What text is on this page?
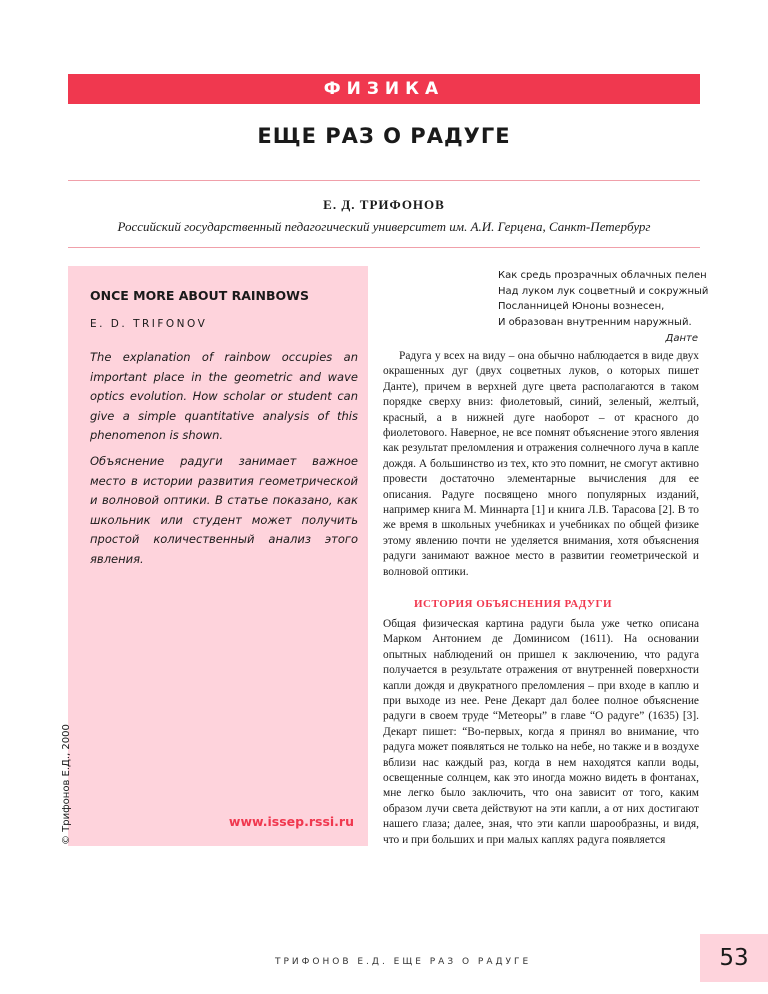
ФИЗИКА
ЕЩЕ РАЗ О РАДУГЕ
Е. Д. ТРИФОНОВ
Российский государственный педагогический университет им. А.И. Герцена, Санкт-Петербург
ONCE MORE ABOUT RAINBOWS
E. D. TRIFONOV

The explanation of rainbow occupies an important place in the geometric and wave optics evolution. How scholar or student can give a simple quantitative analysis of this phenomenon is shown.

Объяснение радуги занимает важное место в истории развития геометрической и волновой оптики. В статье показано, как школьник или студент может получить простой количественный анализ этого явления.

www.issep.rssi.ru
© Трифонов Е.Д., 2000
Как средь прозрачных облачных пелен
Над луком лук соцветный и сокружный
Посланницей Юноны вознесен,
И образован внутренним наружный.
Данте

Радуга у всех на виду – она обычно наблюдается в виде двух окрашенных дуг (двух соцветных луков, о которых пишет Данте), причем в верхней дуге цвета располагаются в таком порядке сверху вниз: фиолетовый, синий, зеленый, желтый, красный, а в нижней дуге наоборот – от красного до фиолетового. Наверное, не все помнят объяснение этого явления как результат преломления и отражения солнечного луча в капле дождя. А большинство из тех, кто это помнит, не смогут активно провести достаточно элементарные вычисления для ее описания. Радуге посвящено много популярных изданий, например книга М. Миннарта [1] и книга Л.В. Тарасова [2]. В то же время в школьных учебниках и учебниках по общей физике этому явлению почти не уделяется внимания, хотя объяснения радуги занимают важное место в развитии геометрической и волновой оптики.

ИСТОРИЯ ОБЪЯСНЕНИЯ РАДУГИ

Общая физическая картина радуги была уже четко описана Марком Антонием де Доминисом (1611). На основании опытных наблюдений он пришел к заключению, что радуга получается в результате отражения от внутренней поверхности капли дождя и двукратного преломления – при входе в каплю и при выходе из нее. Рене Декарт дал более полное объяснение радуги в своем труде “Метеоры” в главе “О радуге” (1635) [3]. Декарт пишет: “Во-первых, когда я принял во внимание, что радуга может появляться не только на небе, но также и в воздухе вблизи нас каждый раз, когда в нем находятся капли воды, освещенные солнцем, как это иногда можно видеть в фонтанах, мне легко было заключить, что она зависит от того, каким образом лучи света действуют на эти капли, а от них достигают нашего глаза; далее, зная, что эти капли шарообразны, и видя, что и при больших и при малых каплях радуга появляется

ТРИФОНОВ Е.Д. ЕЩЕ РАЗ О РАДУГЕ	53
